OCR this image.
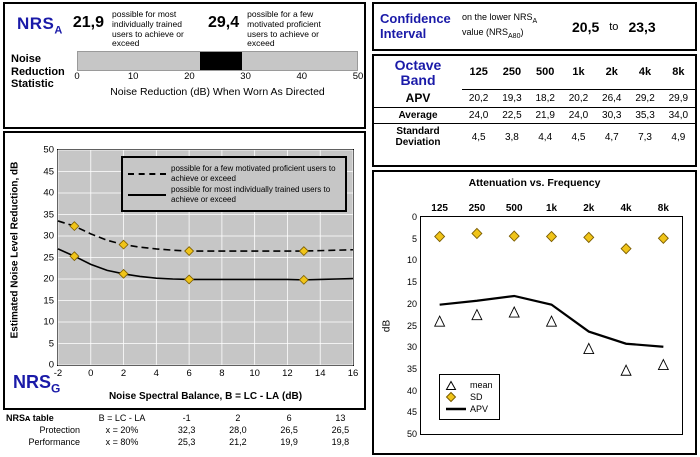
$NRS_A$ 21,9 possible for most individually trained users to achieve or exceed
29,4 possible for a few motivated proficient users to achieve or exceed
Noise Reduction Statistic
0	10	20	30	40	50
Noise Reduction (dB) When Worn As Directed
Estimated Noise Level Reduction, dB	possible for a few motivated proficient users to achieve or exceed
possible for most individually trained users to achieve or exceed
0
5
10
15
20
25
30
35
40
45
50
-2	0	2	4	6	8	10 12 14 16
Noise Spectral Balance, B = LС - LА (dB)
$NRS_G$
NRSᴀ table	B = LС - LА	-1	2	6	13
Protection	x = 20%	32,3	28,0	26,5	26,5
Performance	x = 80%	25,3	21,2	19,9	19,8
Confidence Interval
on the lower $NRS_A$
value $(NRS_{A80})$	20,5 to 23,3
Octave
Band	125	250	500	1k	2k	4k	8k
APV	20,2	19,3	18,2	20,2	26,4	29,2	29,9
Average	24,0	22,5	21,9	24,0	30,3	35,3	34,0
Standard Deviation	4,5	3,8	4,4	4,5	4,7	7,3	4,9
Attenuation vs. Frequency
dB
mean
SD
APV
125 250 500 1k	2k	4k	8k
0
5
10
15
20
25
30
35
40
45
50
